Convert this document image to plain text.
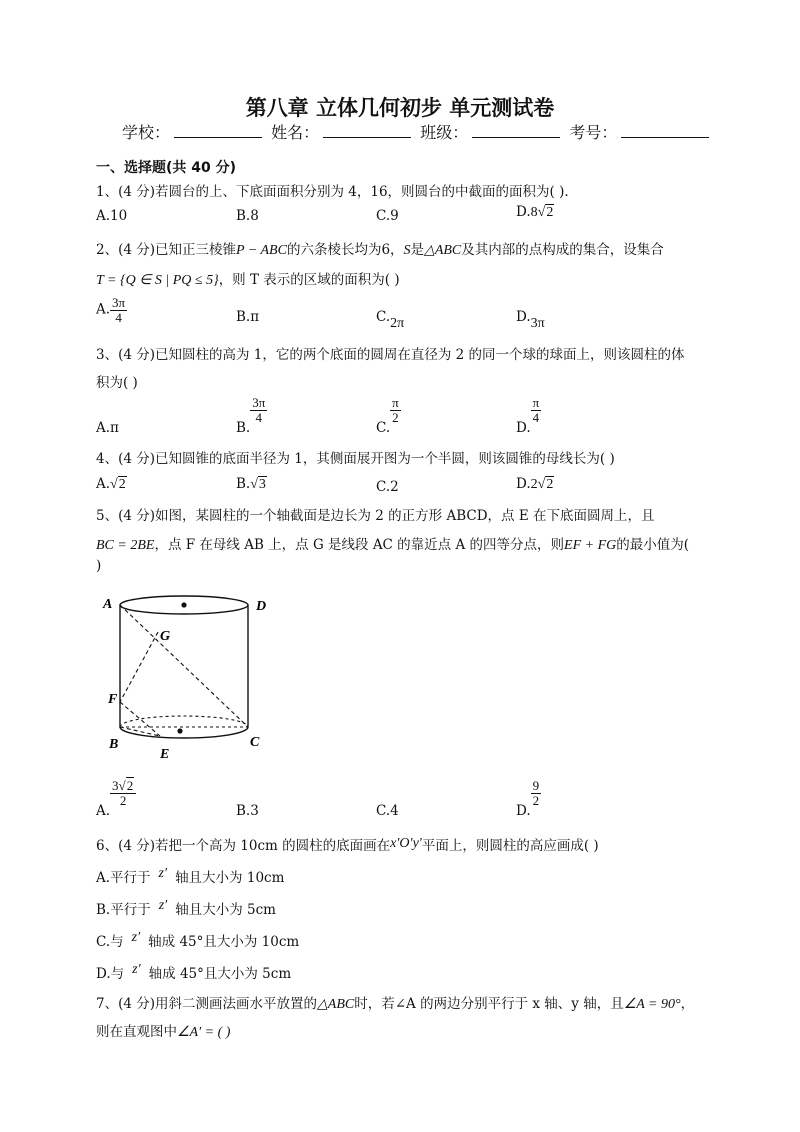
第八章 立体几何初步 单元测试卷
学校：	姓名：	班级：	考号：
一、选择题(共 40 分)
1、(4 分)若圆台的上、下底面面积分别为 4，16，则圆台的中截面的面积为( ).
A.10	B.8	C.9	D.8√2
2、(4 分)已知正三棱锥P − ABC的六条棱长均为6，S是△ABC及其内部的点构成的集合，设集合
T = {Q ∈ S | PQ ≤ 5}，则 T 表示的区域的面积为( )
A. $\frac{3\pi}{4}$	B.π	C.2π	D.3π
3、(4 分)已知圆柱的高为 1，它的两个底面的圆周在直径为 2 的同一个球的球面上，则该圆柱的体
积为( )
A.π	B.
$\frac{3\pi}{4}$
C.
$\frac{\pi}{2}$
D.
$\frac{\pi}{4}$
4、(4 分)已知圆锥的底面半径为 1，其侧面展开图为一个半圆，则该圆锥的母线长为( )
A.√2	B.√3	C.2	D.2√2
5、(4 分)如图，某圆柱的一个轴截面是边长为 2 的正方形 ABCD，点 E 在下底面圆周上，且
BC = 2BE，点 F 在母线 AB 上，点 G 是线段 AC 的靠近点 A 的四等分点，则EF + FG的最小值为(
)
A	D
G
F
B	C
E
A.
$\frac{3√2}{2}$
B.3	C.4	D.
$\frac{9}{2}$
6、(4 分)若把一个高为 10cm 的圆柱的底面画在x′O′y′平面上，则圆柱的高应画成( )
A.平行于 z′ 轴且大小为 10cm
B.平行于 z′ 轴且大小为 5cm
C.与 z′ 轴成 45°且大小为 10cm
D.与 z′ 轴成 45°且大小为 5cm
7、(4 分)用斜二测画法画水平放置的△ABC时，若∠A 的两边分别平行于 x 轴、y 轴，且∠A = 90°，
则在直观图中∠A′ = ( )
